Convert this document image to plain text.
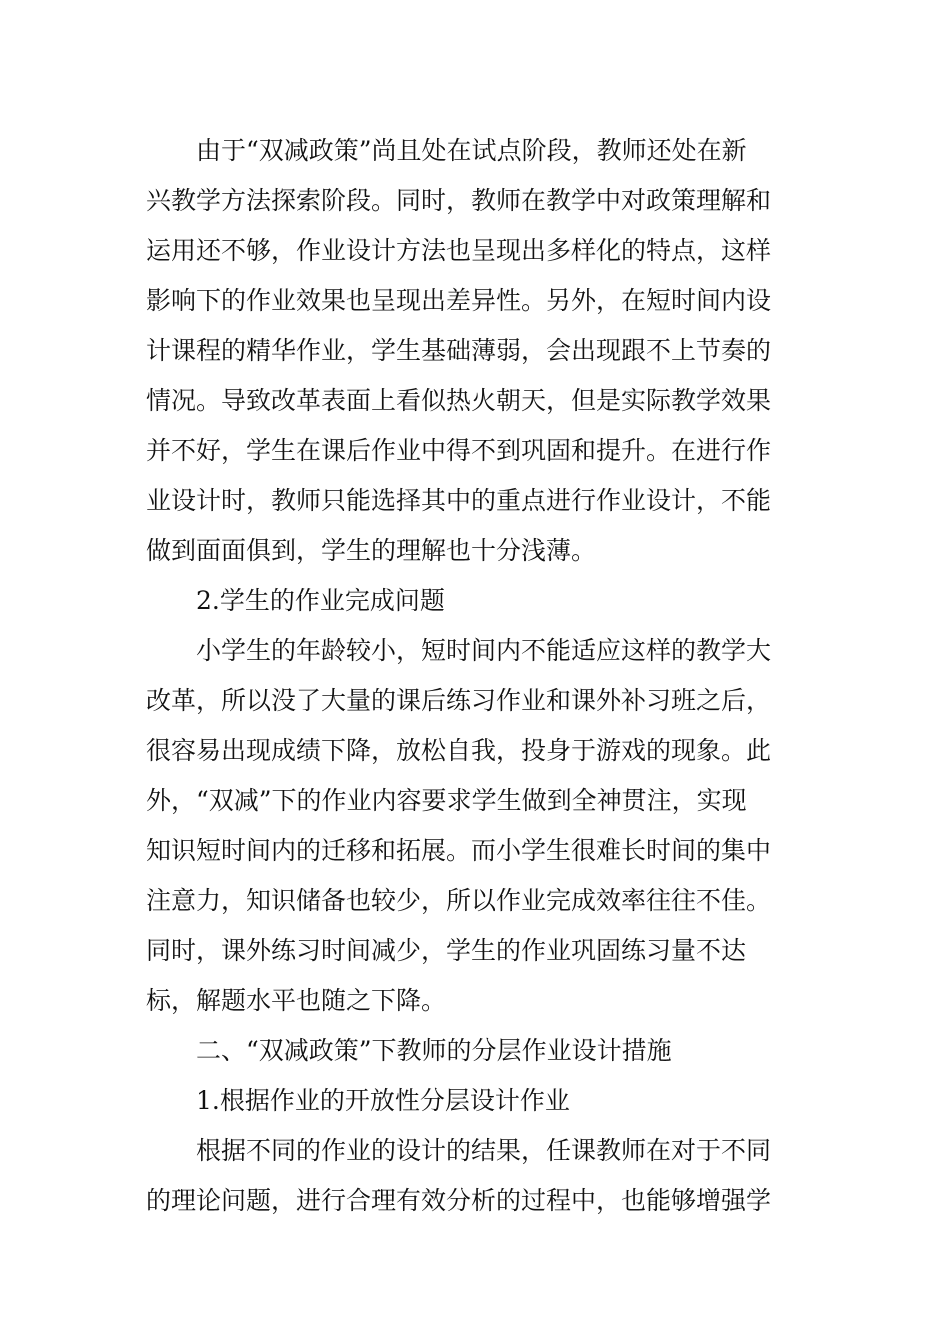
由于“双减政策”尚且处在试点阶段，教师还处在新
兴教学方法探索阶段。同时，教师在教学中对政策理解和
运用还不够，作业设计方法也呈现出多样化的特点，这样
影响下的作业效果也呈现出差异性。另外，在短时间内设
计课程的精华作业，学生基础薄弱，会出现跟不上节奏的
情况。导致改革表面上看似热火朝天，但是实际教学效果
并不好，学生在课后作业中得不到巩固和提升。在进行作
业设计时，教师只能选择其中的重点进行作业设计，不能
做到面面俱到，学生的理解也十分浅薄。
2.学生的作业完成问题
小学生的年龄较小，短时间内不能适应这样的教学大
改革，所以没了大量的课后练习作业和课外补习班之后，
很容易出现成绩下降，放松自我，投身于游戏的现象。此
外，“双减”下的作业内容要求学生做到全神贯注，实现
知识短时间内的迁移和拓展。而小学生很难长时间的集中
注意力，知识储备也较少，所以作业完成效率往往不佳。
同时，课外练习时间减少，学生的作业巩固练习量不达
标，解题水平也随之下降。
二、“双减政策”下教师的分层作业设计措施
1.根据作业的开放性分层设计作业
根据不同的作业的设计的结果，任课教师在对于不同
的理论问题，进行合理有效分析的过程中，也能够增强学
